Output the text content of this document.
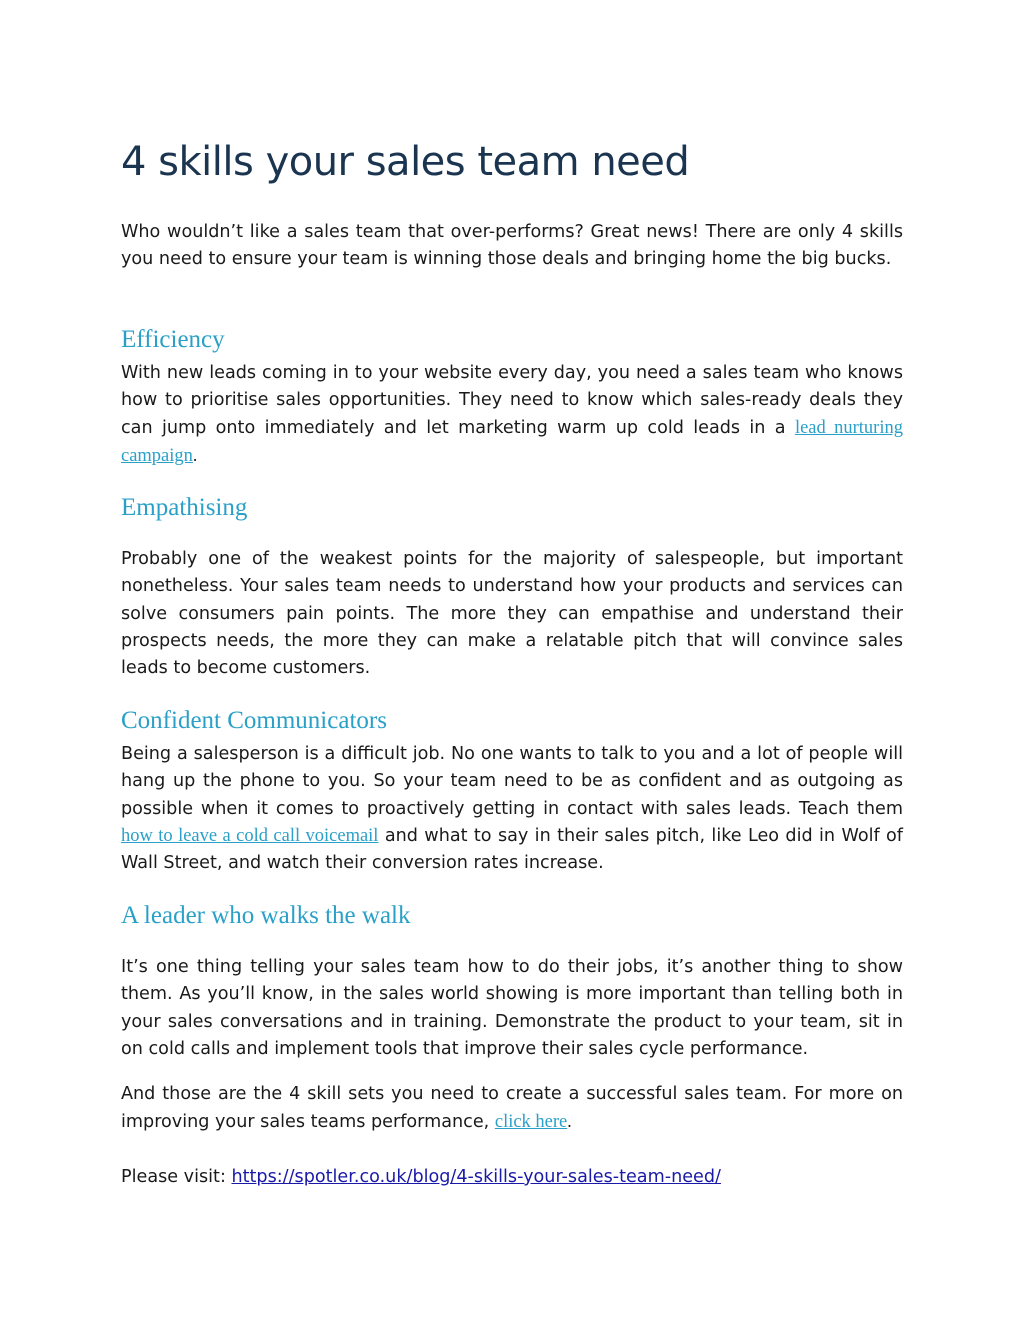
4 skills your sales team need

Who wouldn’t like a sales team that over-performs? Great news! There are only 4 skills you need to ensure your team is winning those deals and bringing home the big bucks.

Efficiency

With new leads coming in to your website every day, you need a sales team who knows how to prioritise sales opportunities. They need to know which sales-ready deals they can jump onto immediately and let marketing warm up cold leads in a lead nurturing campaign.

Empathising

Probably one of the weakest points for the majority of salespeople, but important nonetheless. Your sales team needs to understand how your products and services can solve consumers pain points. The more they can empathise and understand their prospects needs, the more they can make a relatable pitch that will convince sales leads to become customers.

Confident Communicators

Being a salesperson is a difficult job. No one wants to talk to you and a lot of people will hang up the phone to you. So your team need to be as confident and as outgoing as possible when it comes to proactively getting in contact with sales leads. Teach them how to leave a cold call voicemail and what to say in their sales pitch, like Leo did in Wolf of Wall Street, and watch their conversion rates increase.

A leader who walks the walk

It’s one thing telling your sales team how to do their jobs, it’s another thing to show them. As you’ll know, in the sales world showing is more important than telling both in your sales conversations and in training. Demonstrate the product to your team, sit in on cold calls and implement tools that improve their sales cycle performance.

And those are the 4 skill sets you need to create a successful sales team. For more on improving your sales teams performance, click here.

Please visit: https://spotler.co.uk/blog/4-skills-your-sales-team-need/
